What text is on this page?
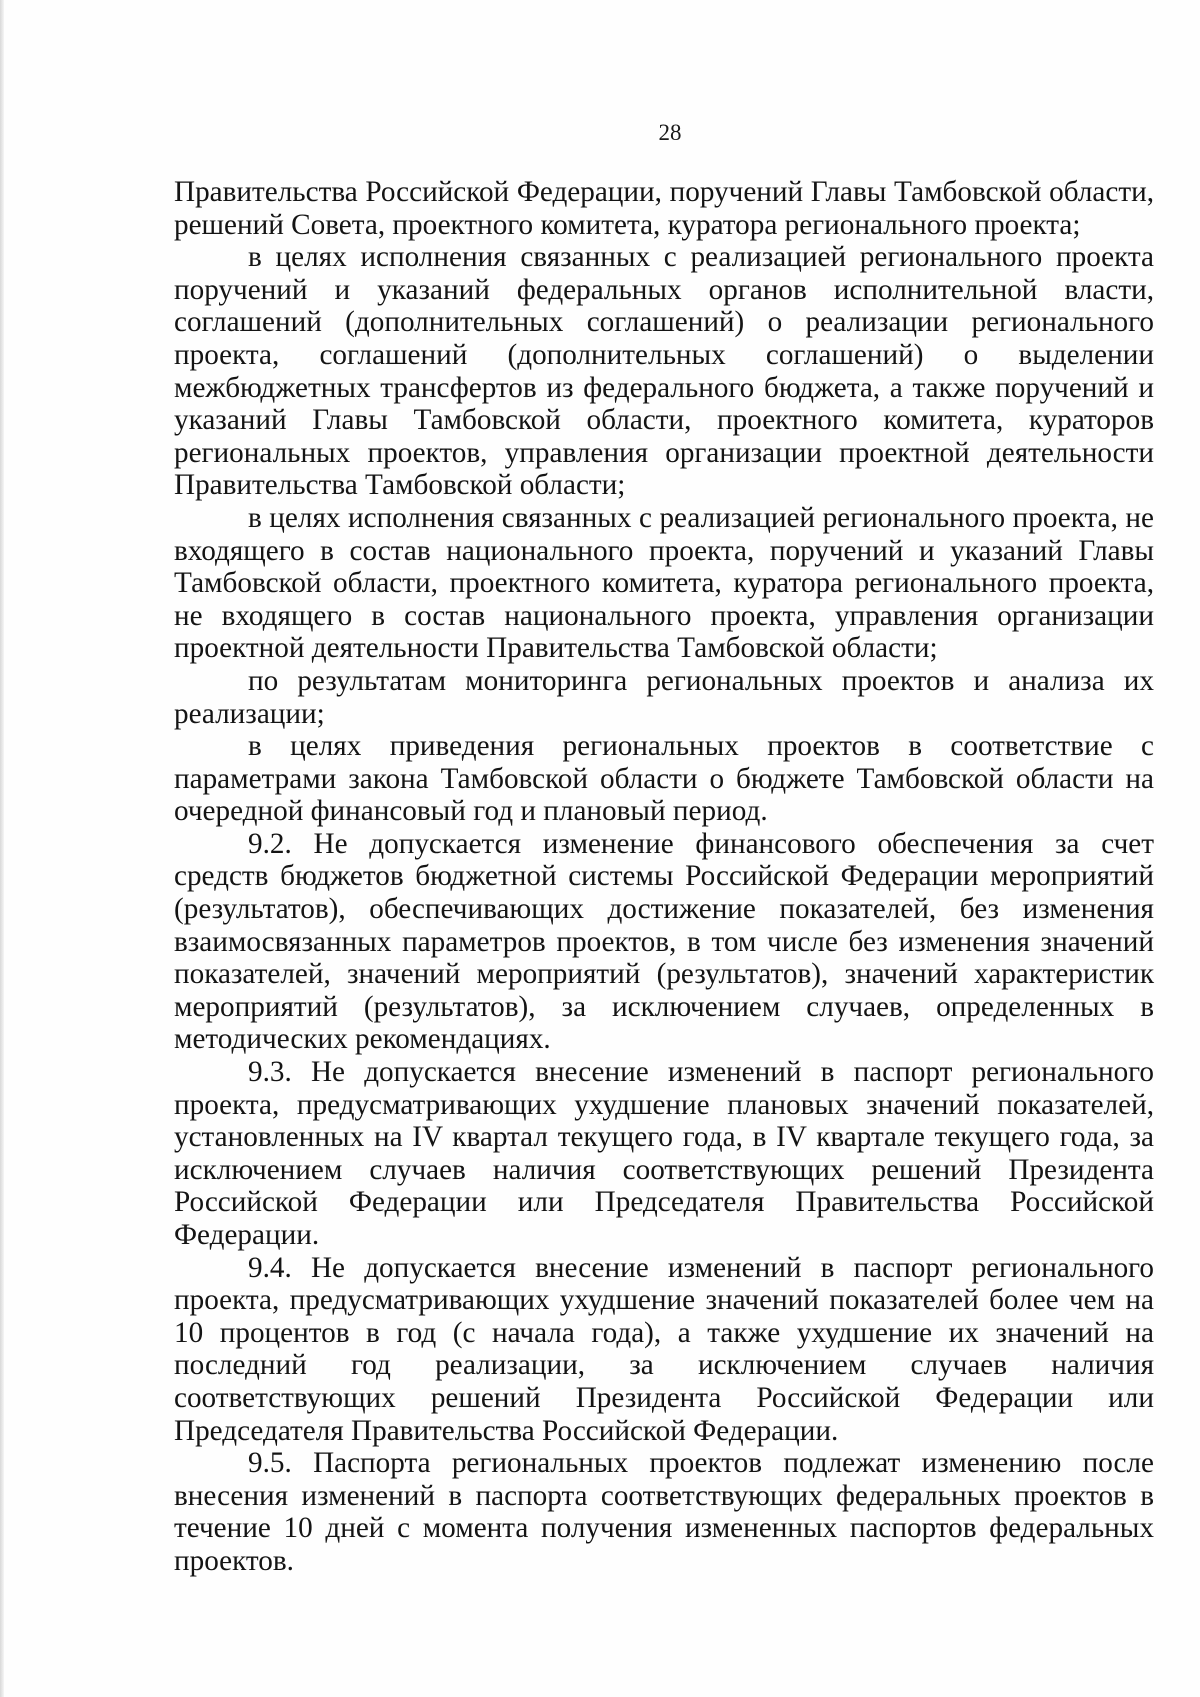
28

Правительства Российской Федерации, поручений Главы Тамбовской области, решений Совета, проектного комитета, куратора регионального проекта;

в целях исполнения связанных с реализацией регионального проекта поручений и указаний федеральных органов исполнительной власти, соглашений (дополнительных соглашений) о реализации регионального проекта, соглашений (дополнительных соглашений) о выделении межбюджетных трансфертов из федерального бюджета, а также поручений и указаний Главы Тамбовской области, проектного комитета, кураторов региональных проектов, управления организации проектной деятельности Правительства Тамбовской области;

в целях исполнения связанных с реализацией регионального проекта, не входящего в состав национального проекта, поручений и указаний Главы Тамбовской области, проектного комитета, куратора регионального проекта, не входящего в состав национального проекта, управления организации проектной деятельности Правительства Тамбовской области;

по результатам мониторинга региональных проектов и анализа их реализации;

в целях приведения региональных проектов в соответствие с параметрами закона Тамбовской области о бюджете Тамбовской области на очередной финансовый год и плановый период.

9.2. Не допускается изменение финансового обеспечения за счет средств бюджетов бюджетной системы Российской Федерации мероприятий (результатов), обеспечивающих достижение показателей, без изменения взаимосвязанных параметров проектов, в том числе без изменения значений показателей, значений мероприятий (результатов), значений характеристик мероприятий (результатов), за исключением случаев, определенных в методических рекомендациях.

9.3. Не допускается внесение изменений в паспорт регионального проекта, предусматривающих ухудшение плановых значений показателей, установленных на IV квартал текущего года, в IV квартале текущего года, за исключением случаев наличия соответствующих решений Президента Российской Федерации или Председателя Правительства Российской Федерации.

9.4. Не допускается внесение изменений в паспорт регионального проекта, предусматривающих ухудшение значений показателей более чем на 10 процентов в год (с начала года), а также ухудшение их значений на последний год реализации, за исключением случаев наличия соответствующих решений Президента Российской Федерации или Председателя Правительства Российской Федерации.

9.5. Паспорта региональных проектов подлежат изменению после внесения изменений в паспорта соответствующих федеральных проектов в течение 10 дней с момента получения измененных паспортов федеральных проектов.
